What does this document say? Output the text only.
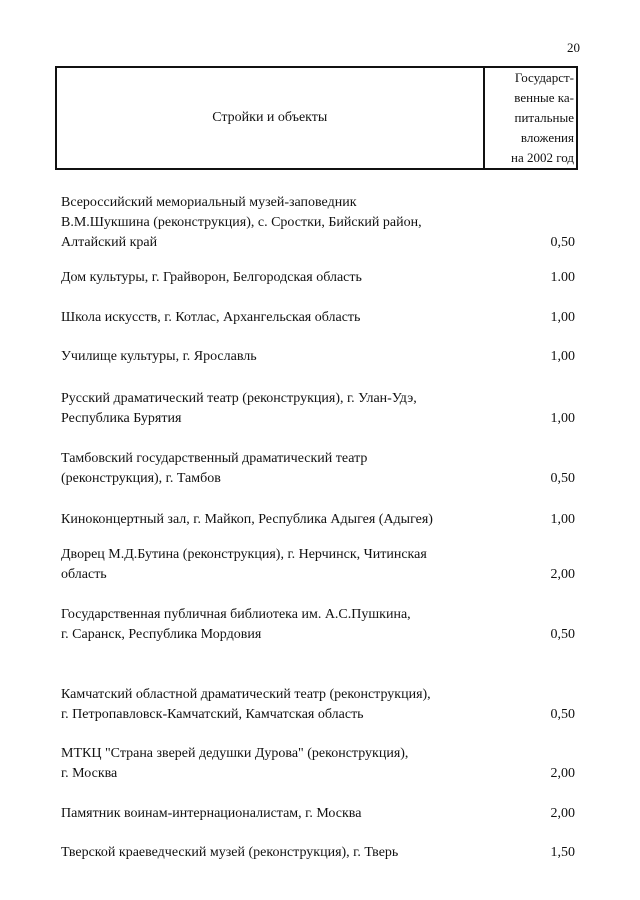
20
Стройки и объекты	
Государст-
венные ка-
питальные
вложения
на 2002 год
Всероссийский мемориальный музей-заповедник
В.М.Шукшина (реконструкция), с. Сростки, Бийский район,
Алтайский край	0,50
Дом культуры, г. Грайворон, Белгородская область	1.00
Школа искусств, г. Котлас, Архангельская область	1,00
Училище культуры, г. Ярославль	1,00
Русский драматический театр (реконструкция), г. Улан-Удэ,
Республика Бурятия	1,00
Тамбовский государственный драматический театр
(реконструкция), г. Тамбов	0,50
Киноконцертный зал, г. Майкоп, Республика Адыгея (Адыгея)	1,00
Дворец М.Д.Бутина (реконструкция), г. Нерчинск, Читинская
область	2,00
Государственная публичная библиотека им. А.С.Пушкина,
г. Саранск, Республика Мордовия	0,50
Камчатский областной драматический театр (реконструкция),
г. Петропавловск-Камчатский, Камчатская область	0,50
МТКЦ "Страна зверей дедушки Дурова" (реконструкция),
г. Москва	2,00
Памятник воинам-интернационалистам, г. Москва	2,00
Тверской краеведческий музей (реконструкция), г. Тверь	1,50
